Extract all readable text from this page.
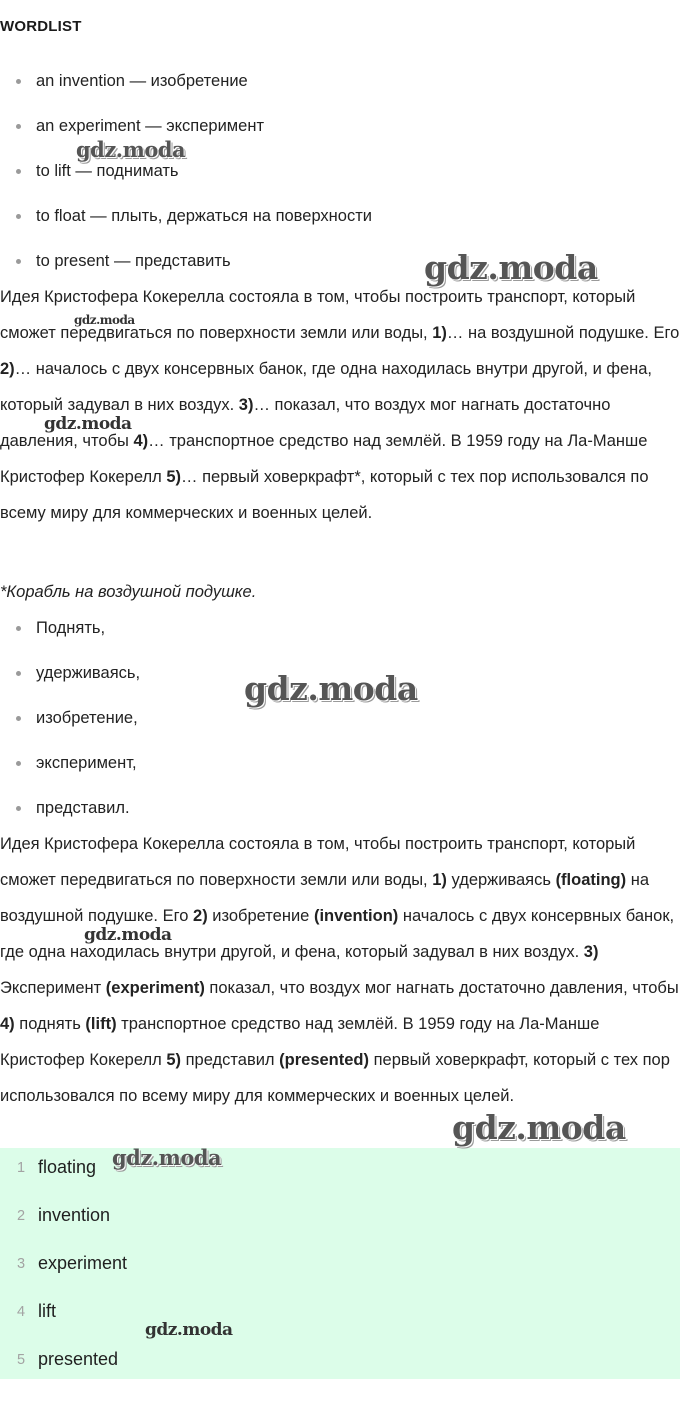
WORDLIST
an invention — изобретение
an experiment — эксперимент
to lift — поднимать
to float — плыть, держаться на поверхности
to present — представить

Идея Кристофера Кокерелла состояла в том, чтобы построить транспорт, который сможет передвигаться по поверхности земли или воды, 1)… на воздушной подушке. Его 2)… началось с двух консервных банок, где одна находилась внутри другой, и фена, который задувал в них воздух. 3)… показал, что воздух мог нагнать достаточно давления, чтобы 4)… транспортное средство над землёй. В 1959 году на Ла-Манше Кристофер Кокерелл 5)… первый ховеркрафт*, который с тех пор использовался по всему миру для коммерческих и военных целей.

*Корабль на воздушной подушке.
Поднять,
удерживаясь,
изобретение,
эксперимент,
представил.

Идея Кристофера Кокерелла состояла в том, чтобы построить транспорт, который сможет передвигаться по поверхности земли или воды, 1) удерживаясь (floating) на воздушной подушке. Его 2) изобретение (invention) началось с двух консервных банок, где одна находилась внутри другой, и фена, который задувал в них воздух. 3) Эксперимент (experiment) показал, что воздух мог нагнать достаточно давления, чтобы 4) поднять (lift) транспортное средство над землёй. В 1959 году на Ла-Манше Кристофер Кокерелл 5) представил (presented) первый ховеркрафт, который с тех пор использовался по всему миру для коммерческих и военных целей.

1 floating
2 invention
3 experiment
4 lift
5 presented
gdz.moda
gdz.moda
gdz.moda
gdz.moda
gdz.moda
gdz.moda
gdz.moda
gdz.moda
gdz.moda
